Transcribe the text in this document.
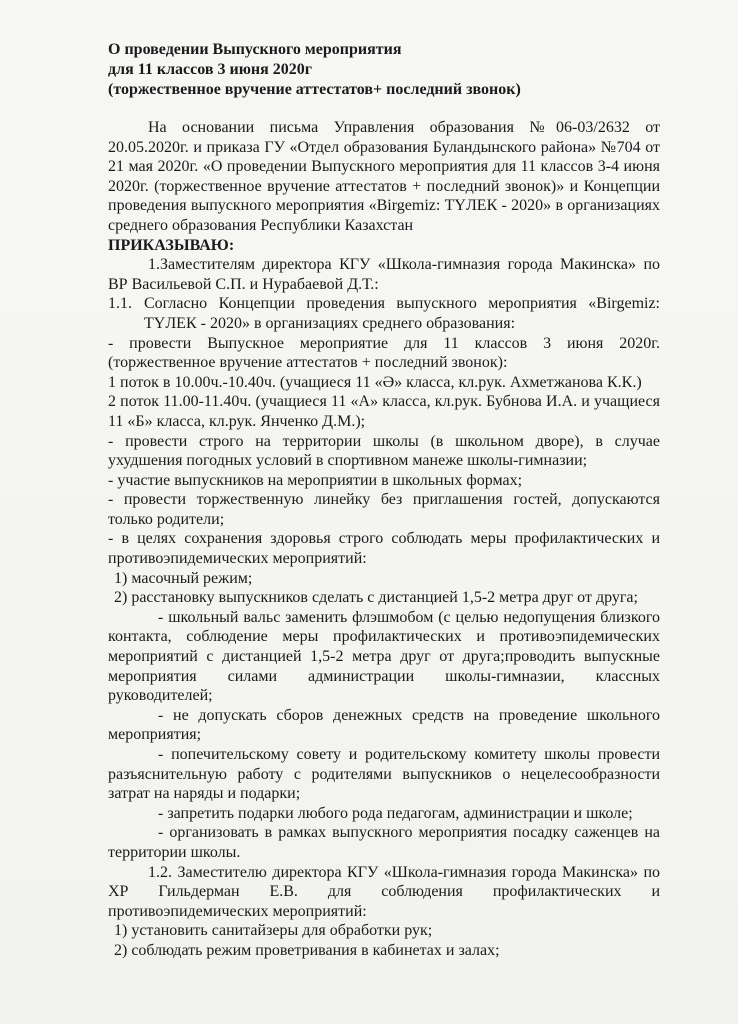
О проведении Выпускного мероприятия
для 11 классов 3 июня 2020г
(торжественное вручение аттестатов+ последний звонок)

На основании письма Управления образования №06-03/2632 от 20.05.2020г. и приказа ГУ «Отдел образования Буландынского района» №704 от 21 мая 2020г. «О проведении Выпускного мероприятия для 11 классов 3-4 июня 2020г. (торжественное вручение аттестатов + последний звонок)» и Концепции проведения выпускного мероприятия «Birgemiz: ТYЛЕК - 2020» в организациях среднего образования Республики Казахстан

ПРИКАЗЫВАЮ:

1.Заместителям директора КГУ «Школа-гимназия города Макинска» по ВР Васильевой С.П. и Нурабаевой Д.Т.:

1.1. Согласно Концепции проведения выпускного мероприятия «Birgemiz: ТYЛЕК - 2020» в организациях среднего образования:

- провести Выпускное мероприятие для 11 классов 3 июня 2020г. (торжественное вручение аттестатов + последний звонок):

1 поток в 10.00ч.-10.40ч. (учащиеся 11 «Ә» класса, кл.рук. Ахметжанова К.К.)

2 поток 11.00-11.40ч. (учащиеся 11 «А» класса, кл.рук. Бубнова И.А. и учащиеся 11 «Б» класса, кл.рук. Янченко Д.М.);

- провести строго на территории школы (в школьном дворе), в случае ухудшения погодных условий в спортивном манеже школы-гимназии;

- участие выпускников на мероприятии в школьных формах;

- провести торжественную линейку без приглашения гостей, допускаются только родители;

- в целях сохранения здоровья строго соблюдать меры профилактических и противоэпидемических мероприятий:

1) масочный режим;

2) расстановку выпускников сделать с дистанцией 1,5-2 метра друг от друга;

- школьный вальс заменить флэшмобом (с целью недопущения близкого контакта, соблюдение меры профилактических и противоэпидемических мероприятий с дистанцией 1,5-2 метра друг от друга;проводить выпускные мероприятия силами администрации школы-гимназии, классных руководителей;

- не допускать сборов денежных средств на проведение школьного мероприятия;

- попечительскому совету и родительскому комитету школы провести разъяснительную работу с родителями выпускников о нецелесообразности затрат на наряды и подарки;

- запретить подарки любого рода педагогам, администрации и школе;

- организовать в рамках выпускного мероприятия посадку саженцев на территории школы.

1.2. Заместителю директора КГУ «Школа-гимназия города Макинска» по ХР Гильдерман Е.В. для соблюдения профилактических и противоэпидемических мероприятий:

1) установить санитайзеры для обработки рук;

2) соблюдать режим проветривания в кабинетах и залах;
